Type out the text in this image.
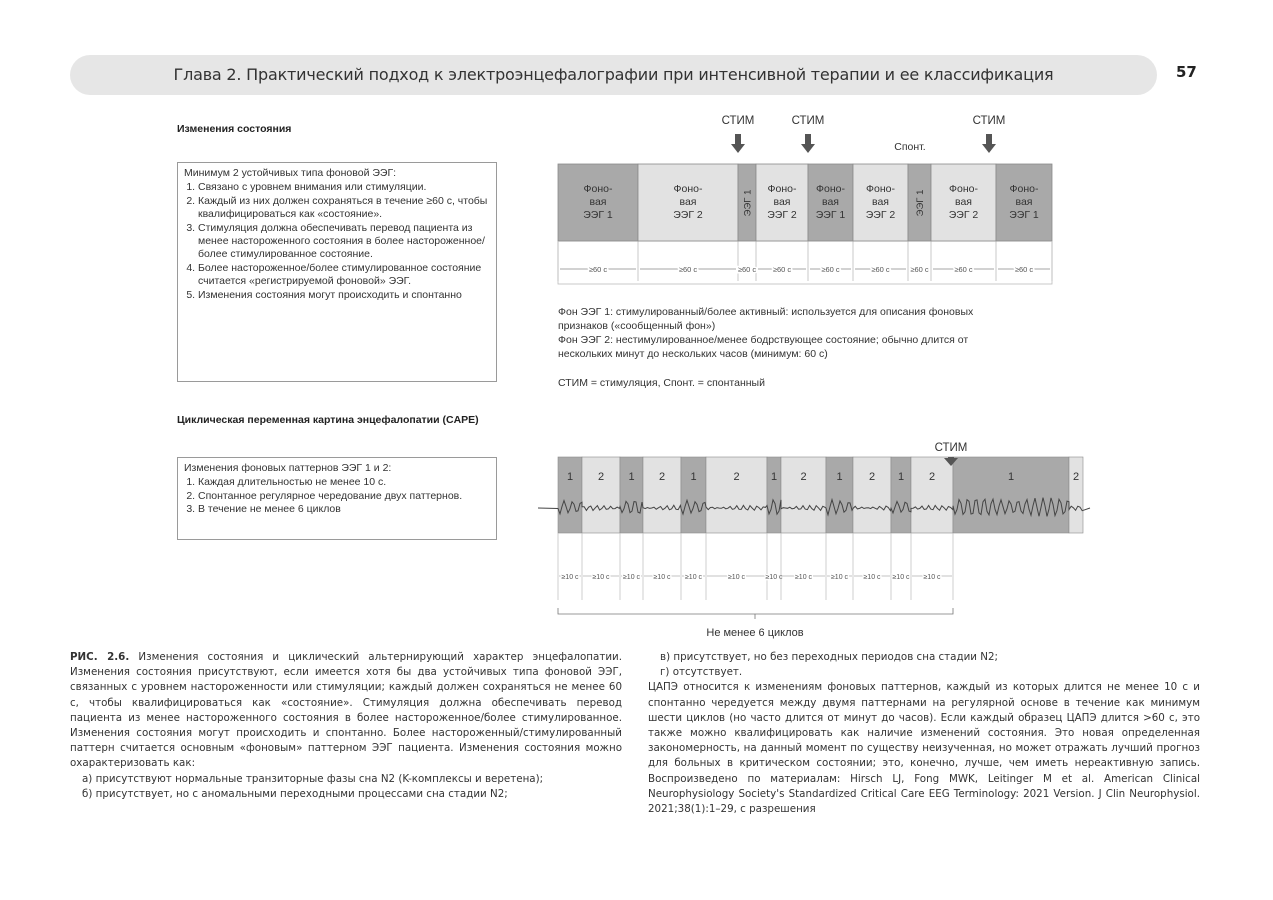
Глава 2. Практический подход к электроэнцефалографии при интенсивной терапии и ее классификация	57
Изменения состояния
Минимум 2 устойчивых типа фоновой ЭЭГ:
1. Связано с уровнем внимания или стимуляции.
2. Каждый из них должен сохраняться в течение ≥60 с, чтобы квалифицироваться как «состояние».
3. Стимуляция должна обеспечивать перевод пациента из менее настороженного состояния в более настороженное/более стимулированное состояние.
4. Более настороженное/более стимулированное состояние считается «регистрируемой фоновой» ЭЭГ.
5. Изменения состояния могут происходить и спонтанно
Фоно-
вая
ЭЭГ 1
≥60 с
Фоно-
вая
ЭЭГ 2
≥60 с
ЭЭГ 1
≥60 с
Фоно-
вая
ЭЭГ 2
≥60 с
Фоно-
вая
ЭЭГ 1
≥60 с
Фоно-
вая
ЭЭГ 2
≥60 с
ЭЭГ 1
≥60 с
Фоно-
вая
ЭЭГ 2
≥60 с
Фоно-
вая
ЭЭГ 1
≥60 с
СТИМ	СТИМ	СТИМ
Спонт.
1 2 1 2 1	2	1 2	1 2 1 2	1	2
≥10 с ≥10 с ≥10 с ≥10 с ≥10 с	≥10 с	≥10 с ≥10 с	≥10 с ≥10 с ≥10 с ≥10 с
Не менее 6 циклов
СТИМ
Фон ЭЭГ 1: стимулированный/более активный: используется для описания фоновых
признаков («сообщенный фон»)
Фон ЭЭГ 2: нестимулированное/менее бодрствующее состояние; обычно длится от
нескольких минут до нескольких часов (минимум: 60 с)
СТИМ = стимуляция, Спонт. = спонтанный
Циклическая переменная картина энцефалопатии (CAPE)
Изменения фоновых паттернов ЭЭГ 1 и 2:
1. Каждая длительностью не менее 10 с.
2. Спонтанное регулярное чередование двух паттернов.
3. В течение не менее 6 циклов
РИС. 2.6. Изменения состояния и циклический альтернирующий характер энцефалопатии. Изменения состояния присутствуют, если имеется хотя бы два устойчивых типа фоновой ЭЭГ, связанных с уровнем настороженности или стимуляции; каждый должен сохраняться не менее 60 с, чтобы квалифицироваться как «состояние». Стимуляция должна обеспечивать перевод пациента из менее настороженного состояния в более настороженное/более стимулированное. Изменения состояния могут происходить и спонтанно. Более настороженный/стимулированный паттерн считается основным «фоновым» паттерном ЭЭГ пациента. Изменения состояния можно охарактеризовать как:
а) присутствуют нормальные транзиторные фазы сна N2 (K-комплексы и веретена);
б) присутствует, но с аномальными переходными процессами сна стадии N2;
в) присутствует, но без переходных периодов сна стадии N2;
г) отсутствует.
ЦАПЭ относится к изменениям фоновых паттернов, каждый из которых длится не менее 10 с и спонтанно чередуется между двумя паттернами на регулярной основе в течение как минимум шести циклов (но часто длится от минут до часов). Если каждый образец ЦАПЭ длится >60 с, это также можно квалифицировать как наличие изменений состояния. Это новая определенная закономерность, на данный момент по существу неизученная, но может отражать лучший прогноз для больных в критическом состоянии; это, конечно, лучше, чем иметь нереактивную запись. Воспроизведено по материалам: Hirsch LJ, Fong MWK, Leitinger M et al. American Clinical Neurophysiology Society's Standardized Critical Care EEG Terminology: 2021 Version. J Clin Neurophysiol. 2021;38(1):1–29, с разрешения
